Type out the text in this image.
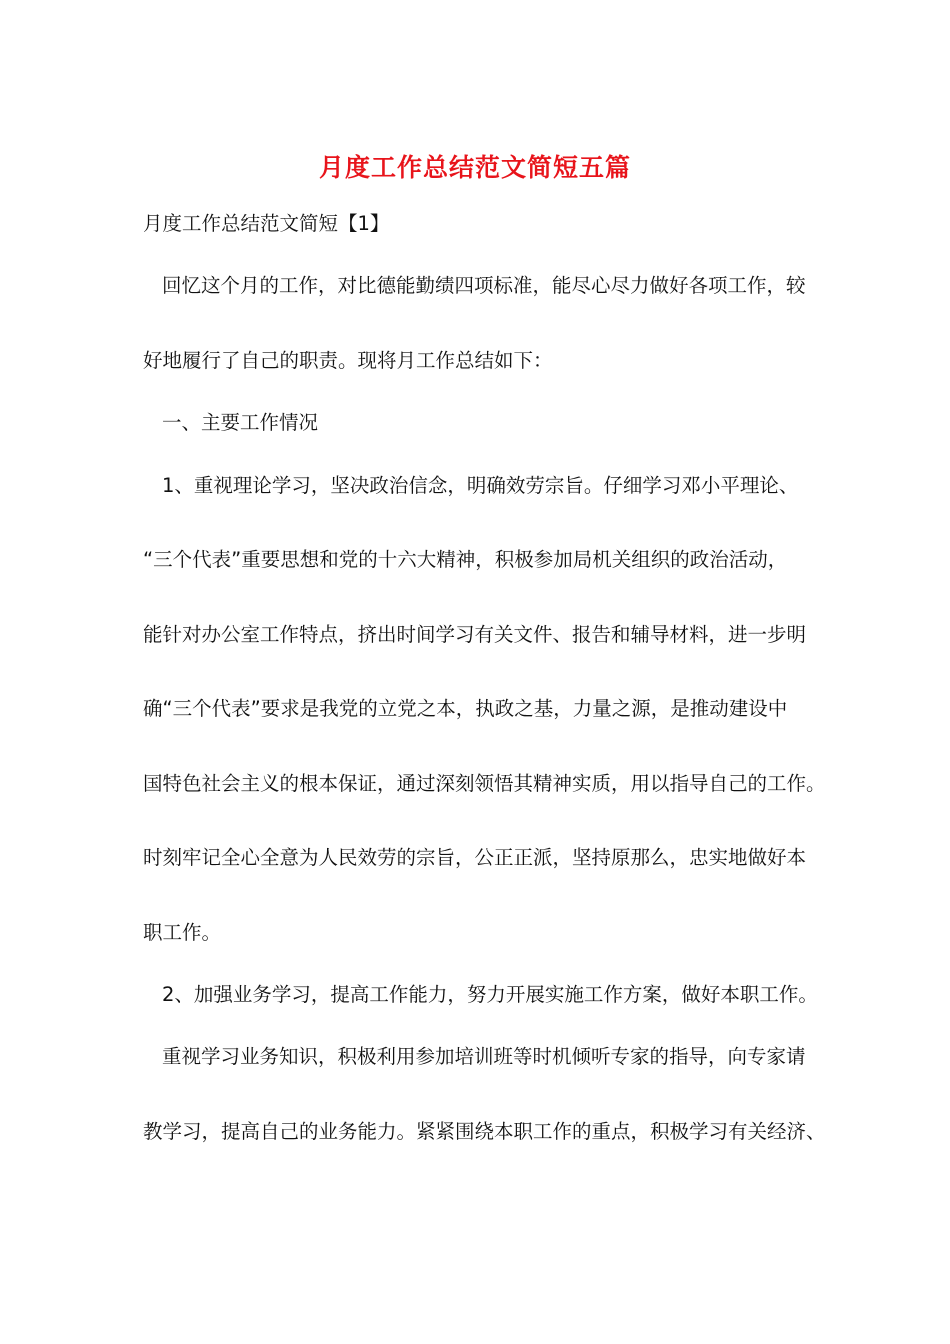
月度工作总结范文简短五篇
月度工作总结范文简短【1】
回忆这个月的工作，对比德能勤绩四项标准，能尽心尽力做好各项工作，较
好地履行了自己的职责。现将月工作总结如下：
一、主要工作情况
1、重视理论学习，坚决政治信念，明确效劳宗旨。仔细学习邓小平理论、
“三个代表”重要思想和党的十六大精神，积极参加局机关组织的政治活动，
能针对办公室工作特点，挤出时间学习有关文件、报告和辅导材料，进一步明
确“三个代表”要求是我党的立党之本，执政之基，力量之源，是推动建设中
国特色社会主义的根本保证，通过深刻领悟其精神实质，用以指导自己的工作。
时刻牢记全心全意为人民效劳的宗旨，公正正派，坚持原那么，忠实地做好本
职工作。
2、加强业务学习，提高工作能力，努力开展实施工作方案，做好本职工作。
重视学习业务知识，积极利用参加培训班等时机倾听专家的指导，向专家请
教学习，提高自己的业务能力。紧紧围绕本职工作的重点，积极学习有关经济、
